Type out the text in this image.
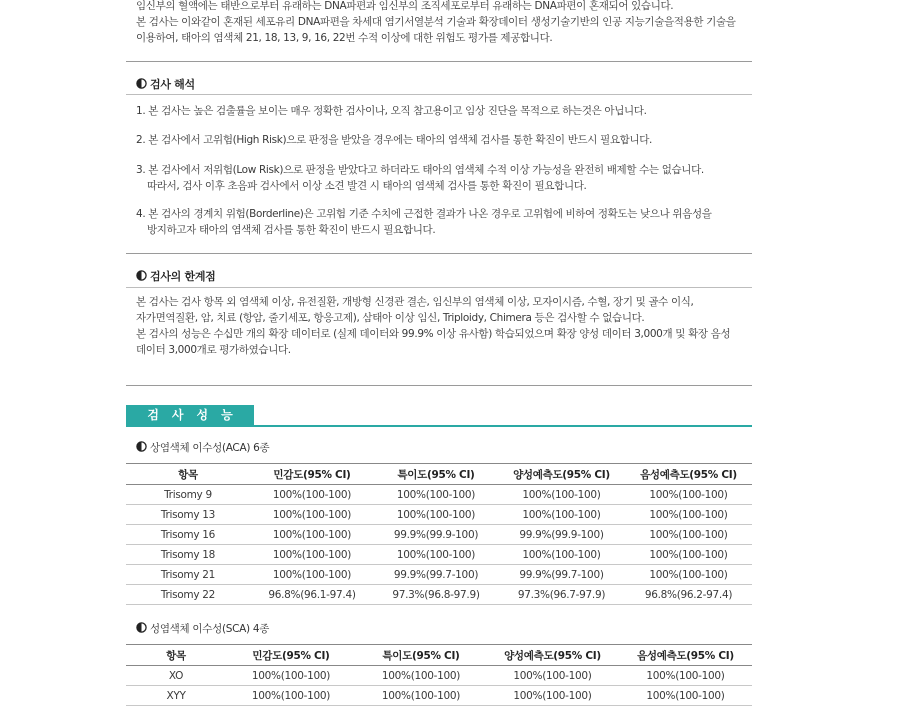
임신부의 혈액에는 태반으로부터 유래하는 DNA파편과 임신부의 조직세포로부터 유래하는 DNA파편이 혼재되어 있습니다.

본 검사는 이와같이 혼재된 세포유리 DNA파편을 차세대 염기서열분석 기술과 확장데이터 생성기술기반의 인공 지능기술을적용한 기술을

이용하여, 태아의 염색체 21, 18, 13, 9, 16, 22번 수적 이상에 대한 위험도 평가를 제공합니다.

검사 해석
1. 본 검사는 높은 검출률을 보이는 매우 정확한 검사이나, 오직 참고용이고 임상 진단을 목적으로 하는것은 아닙니다.
2. 본 검사에서 고위험(High Risk)으로 판정을 받았을 경우에는 태아의 염색체 검사를 통한 확진이 반드시 필요합니다.
3. 본 검사에서 저위험(Low Risk)으로 판정을 받았다고 하더라도 태아의 염색체 수적 이상 가능성을 완전히 배제할 수는 없습니다.
따라서, 검사 이후 초음파 검사에서 이상 소견 발견 시 태아의 염색체 검사를 통한 확진이 필요합니다.
4. 본 검사의 경계치 위험(Borderline)은 고위험 기준 수치에 근접한 결과가 나온 경우로 고위험에 비하여 정확도는 낮으나 위음성을
방지하고자 태아의 염색체 검사를 통한 확진이 반드시 필요합니다.
검사의 한계점

본 검사는 검사 항목 외 염색체 이상, 유전질환, 개방형 신경관 결손, 임신부의 염색체 이상, 모자이시즘, 수혈, 장기 및 골수 이식,

자가면역질환, 암, 치료 (항암, 줄기세포, 항응고제), 삼태아 이상 임신, Triploidy, Chimera 등은 검사할 수 없습니다.

본 검사의 성능은 수십만 개의 확장 데이터로 (실제 데이터와 99.9% 이상 유사함) 학습되었으며 확장 양성 데이터 3,000개 및 확장 음성

데이터 3,000개로 평가하였습니다.

검사성능
상염색체 이수성(ACA) 6종
항목	민감도(95% CI)	특이도(95% CI)	양성예측도(95% CI)	음성예측도(95% CI)
Trisomy 9	100%(100-100)	100%(100-100)	100%(100-100)	100%(100-100)
Trisomy 13	100%(100-100)	100%(100-100)	100%(100-100)	100%(100-100)
Trisomy 16	100%(100-100)	99.9%(99.9-100)	99.9%(99.9-100)	100%(100-100)
Trisomy 18	100%(100-100)	100%(100-100)	100%(100-100)	100%(100-100)
Trisomy 21	100%(100-100)	99.9%(99.7-100)	99.9%(99.7-100)	100%(100-100)
Trisomy 22	96.8%(96.1-97.4)	97.3%(96.8-97.9)	97.3%(96.7-97.9)	96.8%(96.2-97.4)
성염색체 이수성(SCA) 4종
항목	민감도(95% CI)	특이도(95% CI)	양성예측도(95% CI)	음성예측도(95% CI)
XO	100%(100-100)	100%(100-100)	100%(100-100)	100%(100-100)
XYY	100%(100-100)	100%(100-100)	100%(100-100)	100%(100-100)
